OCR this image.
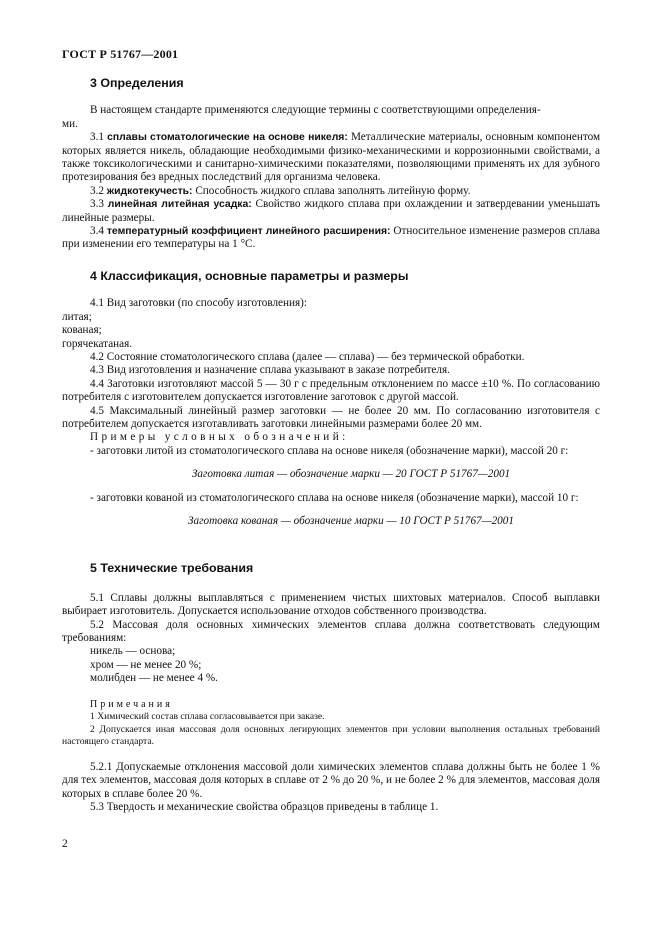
ГОСТ Р 51767—2001
3 Определения

В настоящем стандарте применяются следующие термины с соответствующими определения-
ми.

3.1 сплавы стоматологические на основе никеля: Металлические материалы, основным компонентом которых является никель, обладающие необходимыми физико-механическими и коррозионными свойствами, а также токсикологическими и санитарно-химическими показателями, позволяющими применять их для зубного протезирования без вредных последствий для организма человека.

3.2 жидкотекучесть: Способность жидкого сплава заполнять литейную форму.

3.3 линейная литейная усадка: Свойство жидкого сплава при охлаждении и затвердевании уменьшать линейные размеры.

3.4 температурный коэффициент линейного расширения: Относительное изменение размеров сплава при изменении его температуры на 1 °С.

4 Классификация, основные параметры и размеры

4.1 Вид заготовки (по способу изготовления):

литая;

кованая;

горячекатаная.

4.2 Состояние стоматологического сплава (далее — сплава) — без термической обработки.

4.3 Вид изготовления и назначение сплава указывают в заказе потребителя.

4.4 Заготовки изготовляют массой 5 — 30 г с предельным отклонением по массе ±10 %. По согласованию потребителя с изготовителем допускается изготовление заготовок с другой массой.

4.5 Максимальный линейный размер заготовки — не более 20 мм. По согласованию изготовителя с потребителем допускается изготавливать заготовки линейными размерами более 20 мм.

Примеры условных обозначений:

- заготовки литой из стоматологического сплава на основе никеля (обозначение марки), массой 20 г:

Заготовка литая — обозначение марки — 20 ГОСТ Р 51767—2001

- заготовки кованой из стоматологического сплава на основе никеля (обозначение марки), массой 10 г:

Заготовка кованая — обозначение марки — 10 ГОСТ Р 51767—2001

5 Технические требования

5.1 Сплавы должны выплавляться с применением чистых шихтовых материалов. Способ выплавки выбирает изготовитель. Допускается использование отходов собственного производства.

5.2 Массовая доля основных химических элементов сплава должна соответствовать следующим требованиям:

никель — основа;

хром — не менее 20 %;

молибден — не менее 4 %.

Примечания

1 Химический состав сплава согласовывается при заказе.

2 Допускается иная массовая доля основных легирующих элементов при условии выполнения остальных требований настоящего стандарта.

5.2.1 Допускаемые отклонения массовой доли химических элементов сплава должны быть не более 1 % для тех элементов, массовая доля которых в сплаве от 2 % до 20 %, и не более 2 % для элементов, массовая доля которых в сплаве более 20 %.

5.3 Твердость и механические свойства образцов приведены в таблице 1.

2
